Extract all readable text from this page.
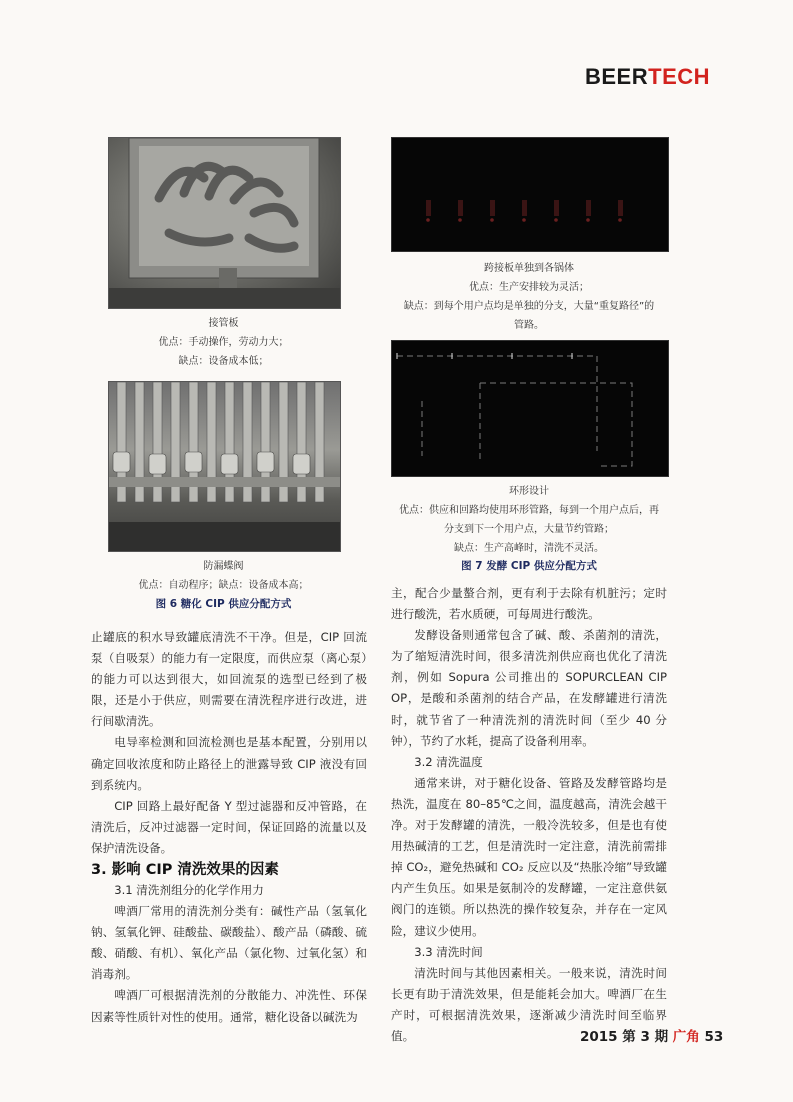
BEERTECH
接管板
优点：手动操作，劳动力大；
缺点：设备成本低；
防漏蝶阀
优点：自动程序；缺点：设备成本高；
图 6 糖化 CIP 供应分配方式
跨接板单独到各锅体
优点：生产安排较为灵活；
缺点：到每个用户点均是单独的分支，大量“重复路径”的
管路。
环形设计
优点：供应和回路均使用环形管路，每到一个用户点后，再
分支到下一个用户点，大量节约管路；
缺点：生产高峰时，清洗不灵活。
图 7 发酵 CIP 供应分配方式

止罐底的积水导致罐底清洗不干净。但是，CIP 回流泵（自吸泵）的能力有一定限度，而供应泵（离心泵）的能力可以达到很大，如回流泵的选型已经到了极限，还是小于供应，则需要在清洗程序进行改进，进行间歇清洗。

电导率检测和回流检测也是基本配置，分别用以确定回收浓度和防止路径上的泄露导致 CIP 液没有回到系统内。

CIP 回路上最好配备 Y 型过滤器和反冲管路，在清洗后，反冲过滤器一定时间，保证回路的流量以及保护清洗设备。

3. 影响 CIP 清洗效果的因素
3.1 清洗剂组分的化学作用力

啤酒厂常用的清洗剂分类有：碱性产品（氢氧化钠、氢氧化钾、硅酸盐、碳酸盐）、酸产品（磷酸、硫酸、硝酸、有机）、氧化产品（氯化物、过氧化氢）和消毒剂。

啤酒厂可根据清洗剂的分散能力、冲洗性、环保因素等性质针对性的使用。通常，糖化设备以碱洗为

主，配合少量螯合剂，更有利于去除有机脏污；定时进行酸洗，若水质硬，可每周进行酸洗。

发酵设备则通常包含了碱、酸、杀菌剂的清洗，为了缩短清洗时间，很多清洗剂供应商也优化了清洗剂，例如 Sopura 公司推出的 SOPURCLEAN CIP OP，是酸和杀菌剂的结合产品，在发酵罐进行清洗时，就节省了一种清洗剂的清洗时间（至少 40 分钟），节约了水耗，提高了设备利用率。

3.2 清洗温度

通常来讲，对于糖化设备、管路及发酵管路均是热洗，温度在 80–85℃之间，温度越高，清洗会越干净。对于发酵罐的清洗，一般冷洗较多，但是也有使用热碱清的工艺，但是清洗时一定注意，清洗前需排掉 CO₂，避免热碱和 CO₂ 反应以及“热胀冷缩”导致罐内产生负压。如果是氨制冷的发酵罐，一定注意供氨阀门的连锁。所以热洗的操作较复杂，并存在一定风险，建议少使用。

3.3 清洗时间

清洗时间与其他因素相关。一般来说，清洗时间长更有助于清洗效果，但是能耗会加大。啤酒厂在生产时，可根据清洗效果，逐渐减少清洗时间至临界值。	2015 第 3 期 广角 53
